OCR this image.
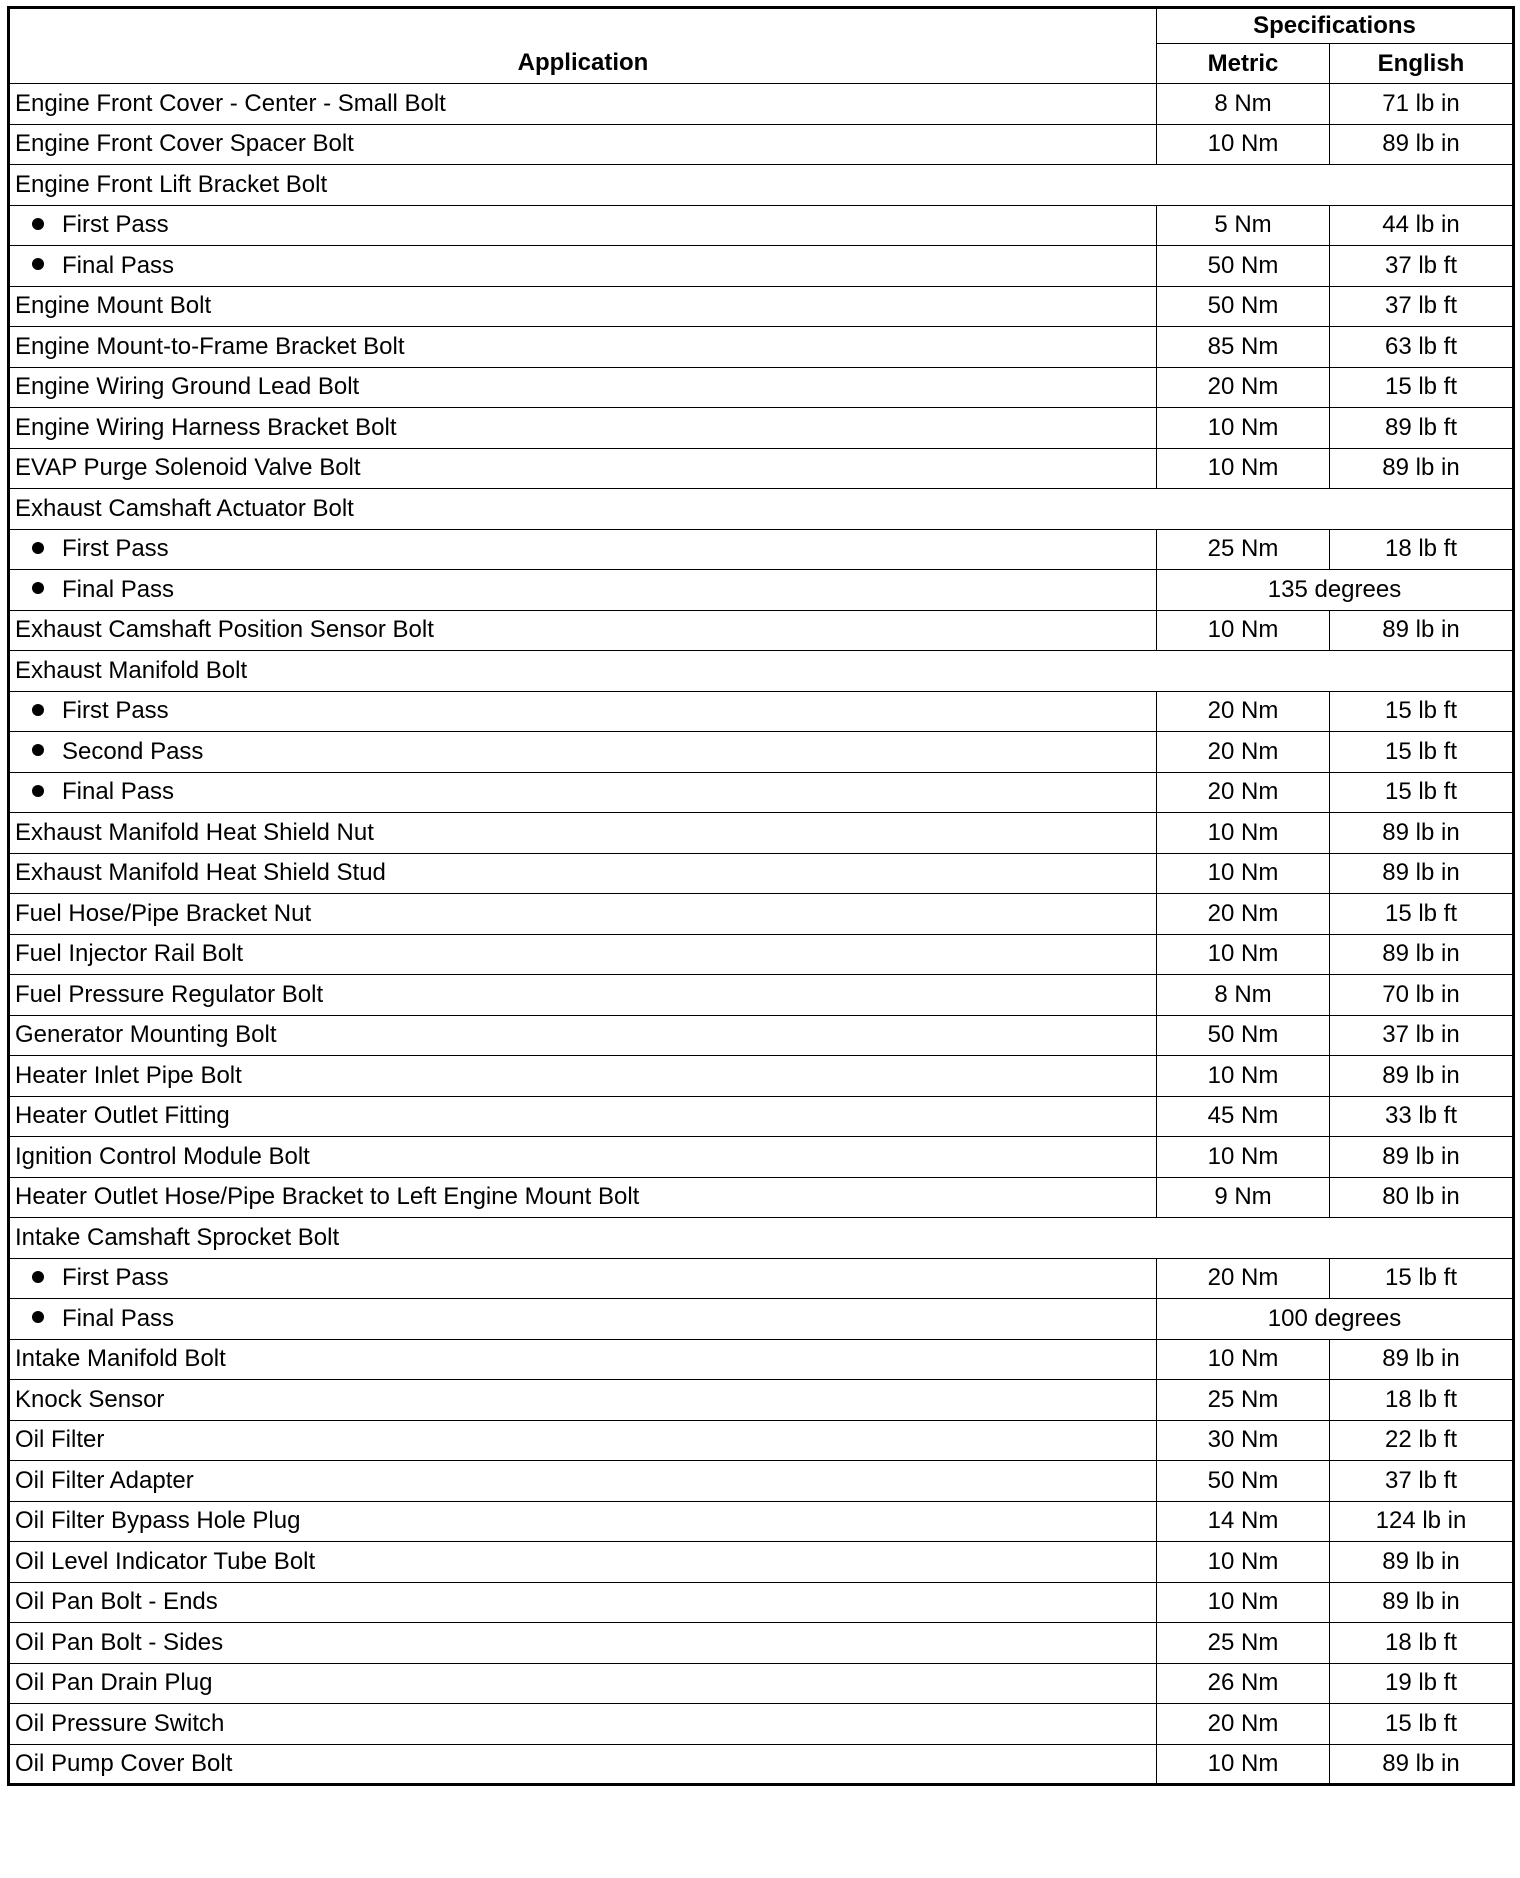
Application	Specifications	
	Metric	English
Engine Front Cover - Center - Small Bolt	8 Nm	71 lb in
Engine Front Cover Spacer Bolt	10 Nm	89 lb in
Engine Front Lift Bracket Bolt		
First Pass	5 Nm	44 lb in
Final Pass	50 Nm	37 lb ft
Engine Mount Bolt	50 Nm	37 lb ft
Engine Mount-to-Frame Bracket Bolt	85 Nm	63 lb ft
Engine Wiring Ground Lead Bolt	20 Nm	15 lb ft
Engine Wiring Harness Bracket Bolt	10 Nm	89 lb ft
EVAP Purge Solenoid Valve Bolt	10 Nm	89 lb in
Exhaust Camshaft Actuator Bolt		
First Pass	25 Nm	18 lb ft
Final Pass	135 degrees	
Exhaust Camshaft Position Sensor Bolt	10 Nm	89 lb in
Exhaust Manifold Bolt		
First Pass	20 Nm	15 lb ft
Second Pass	20 Nm	15 lb ft
Final Pass	20 Nm	15 lb ft
Exhaust Manifold Heat Shield Nut	10 Nm	89 lb in
Exhaust Manifold Heat Shield Stud	10 Nm	89 lb in
Fuel Hose/Pipe Bracket Nut	20 Nm	15 lb ft
Fuel Injector Rail Bolt	10 Nm	89 lb in
Fuel Pressure Regulator Bolt	8 Nm	70 lb in
Generator Mounting Bolt	50 Nm	37 lb in
Heater Inlet Pipe Bolt	10 Nm	89 lb in
Heater Outlet Fitting	45 Nm	33 lb ft
Ignition Control Module Bolt	10 Nm	89 lb in
Heater Outlet Hose/Pipe Bracket to Left Engine Mount Bolt	9 Nm	80 lb in
Intake Camshaft Sprocket Bolt		
First Pass	20 Nm	15 lb ft
Final Pass	100 degrees	
Intake Manifold Bolt	10 Nm	89 lb in
Knock Sensor	25 Nm	18 lb ft
Oil Filter	30 Nm	22 lb ft
Oil Filter Adapter	50 Nm	37 lb ft
Oil Filter Bypass Hole Plug	14 Nm	124 lb in
Oil Level Indicator Tube Bolt	10 Nm	89 lb in
Oil Pan Bolt - Ends	10 Nm	89 lb in
Oil Pan Bolt - Sides	25 Nm	18 lb ft
Oil Pan Drain Plug	26 Nm	19 lb ft
Oil Pressure Switch	20 Nm	15 lb ft
Oil Pump Cover Bolt	10 Nm	89 lb in
